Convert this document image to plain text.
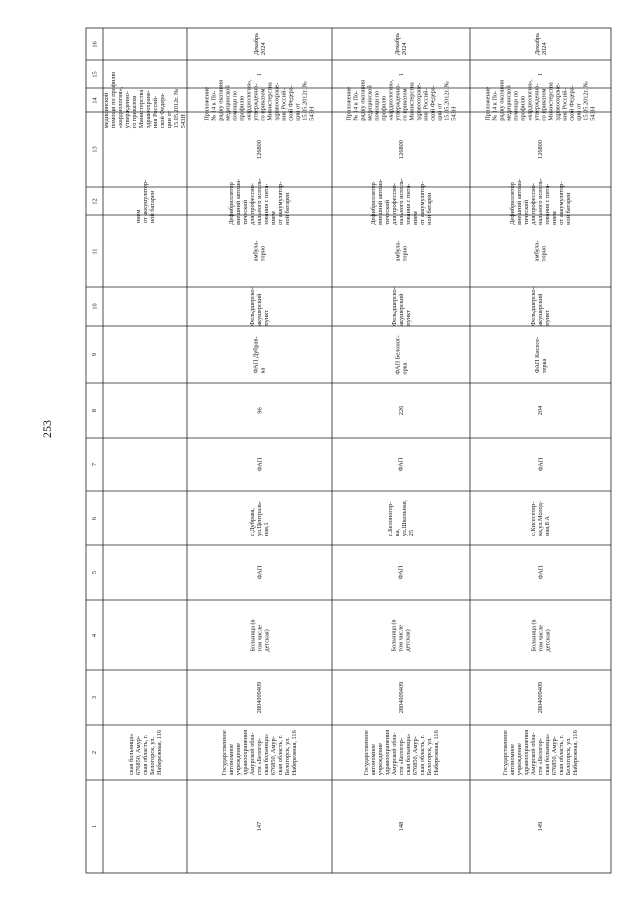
253
1
2
3
4
5
6
7
8
9
10
11
12
13
14
15
16
ская больница»
676850, Амур-
ская область, г.
Белогорск, ул.
Набережная, 116
нием
от аккумулятор-
ной батареи
медицинской
помощи по профилю
«кардиология»,
утвержденно-
го приказом
Министерства
здравоохране-
ния Россий-
ской Федера-
ции от
15.05.2012г. №
543Н
147
Государственное
автономное
учреждение
здравоохранения
Амурской обла-
сти «Белогор-
ская больница»
676850, Амур-
ская область, г.
Белогорск, ул.
Набережная, 116
2804009409
Больница (в
том числе
детская)
ФАП
с.Дубрава,
ул.Централь-
ная,1
ФАП
96
ФАП Дубрав-
ка
Фельдшерско-
акушерский
пункт
амбула-
торно
Дефибриллятор
внешний автома-
тический
для профессио-
нального исполь-
зования с пита-
нием
от аккумулятор-
ной батареи
126800
Приложение
№ 14 к По-
рядку оказания
медицинской
помощи по
профилю
«кардиология»,
утвержденно-
го приказом
Министерства
здравоохране-
ния Россий-
ской Федера-
ции от
15.05.2012г. №
543Н
1
Декабрь
2024
148
Государственное
автономное
учреждение
здравоохранения
Амурской обла-
сти «Белогор-
ская больница»
676850, Амур-
ская область, г.
Белогорск, ул.
Набережная, 116
2804009409
Больница (в
том числе
детская)
ФАП
с.Белоногор-
ка,
ул.Школьная,
25
ФАП
226
ФАП Белоног-
орка
Фельдшерско-
акушерский
пункт
амбула-
торно
Дефибриллятор
внешний автома-
тический
для профессио-
нального исполь-
зования с пита-
нием
от аккумулятор-
ной батареи
126800
Приложение
№ 14 к По-
рядку оказания
медицинской
помощи по
профилю
«кардиология»,
утвержденно-
го приказом
Министерства
здравоохране-
ния Россий-
ской Федера-
ции от
15.05.2012г. №
543Н
1
Декабрь
2024
149
Государственное
автономное
учреждение
здравоохранения
Амурской обла-
сти «Белогор-
ская больница»
676850, Амур-
ская область, г.
Белогорск, ул.
Набережная, 116
2804009409
Больница (в
том числе
детская)
ФАП
с.Кисесетер-
ка,ул.Молод-
ная,8 А
ФАП
204
ФАП Кисесе-
терка
Фельдшерско-
акушерский
пункт
амбула-
торно
Дефибриллятор
внешний автома-
тический
для профессио-
нального исполь-
зования с пита-
нием
от аккумулятор-
ной батареи
126800
Приложение
№ 14 к По-
рядку оказания
медицинской
помощи по
профилю
«кардиология»,
утвержденно-
го приказом
Министерства
здравоохране-
ния Россий-
ской Федера-
ции от
15.05.2012г. №
543Н
1
Декабрь
2024
